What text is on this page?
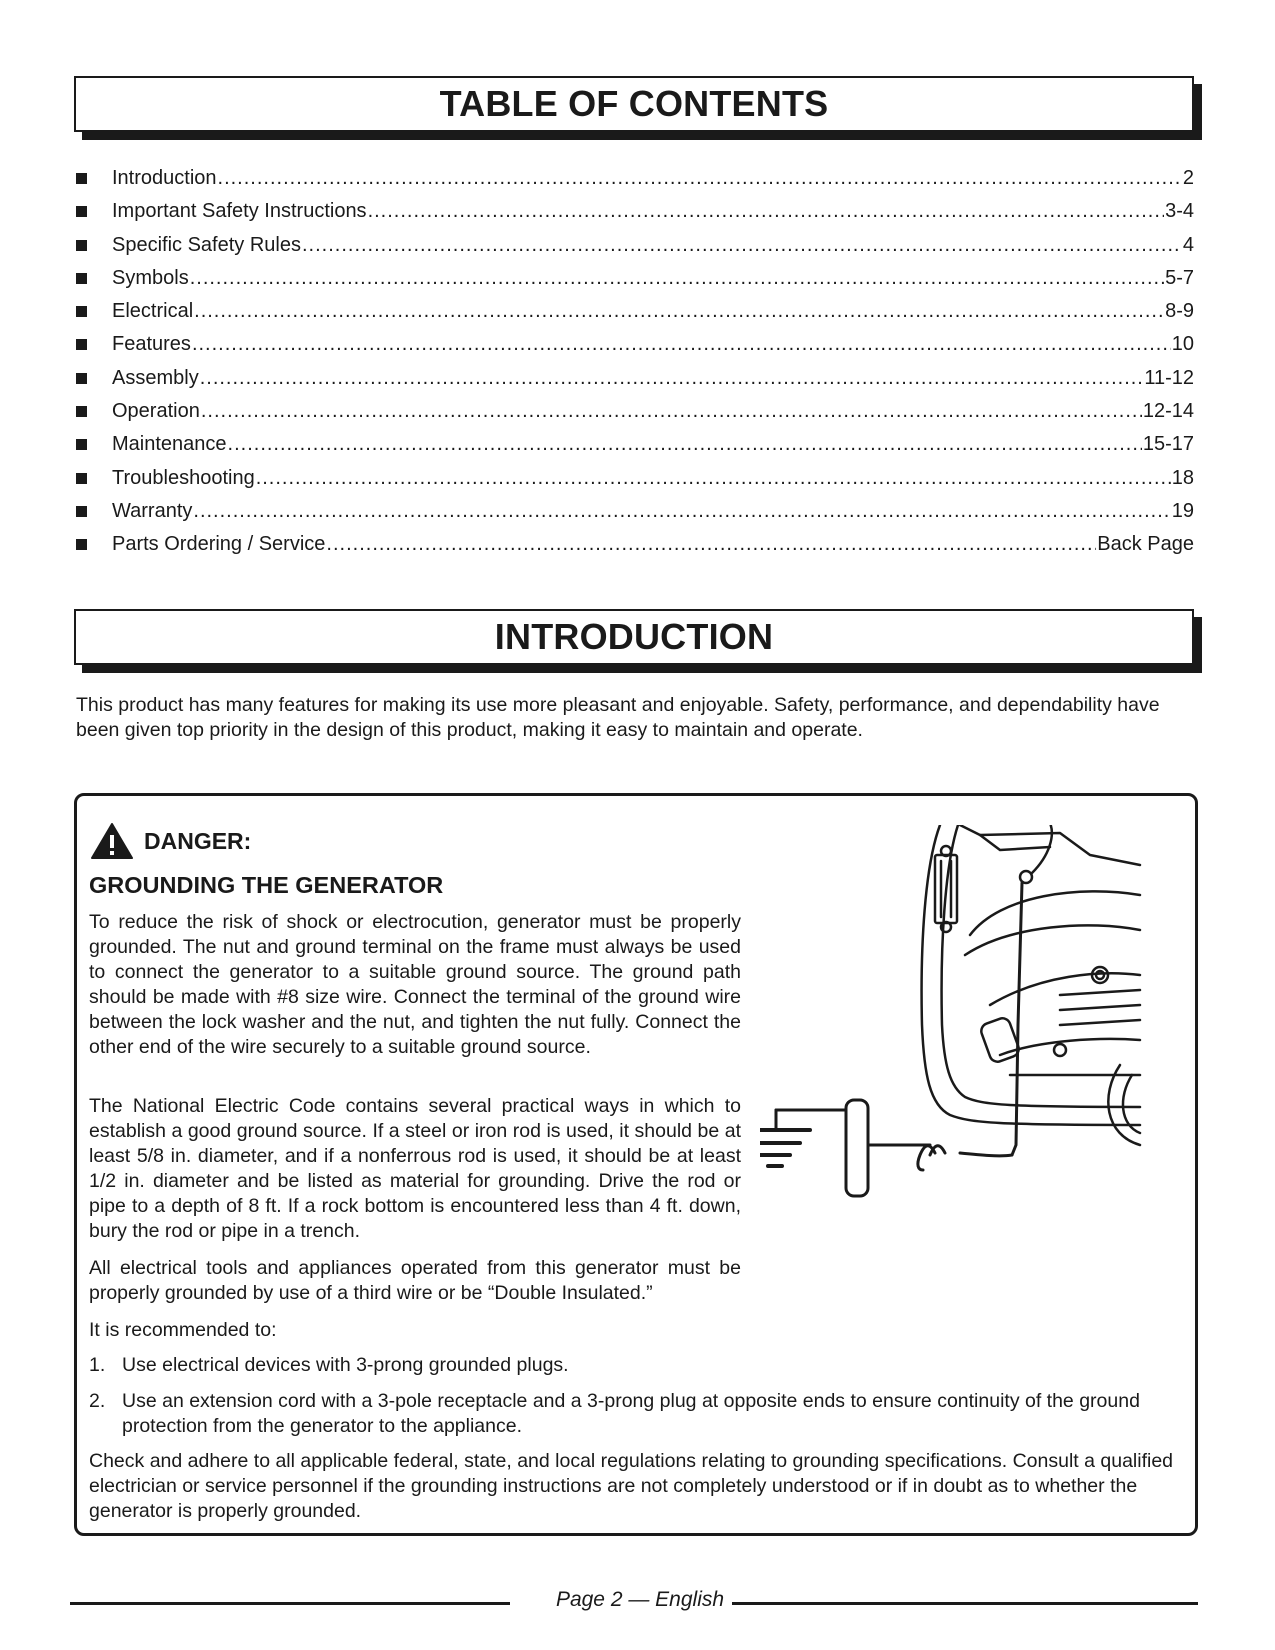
TABLE OF CONTENTS
Introduction .....	2
Important Safety Instructions .....	3-4
Specific Safety Rules .....	4
Symbols .....	5-7
Electrical .....	8-9
Features .....	10
Assembly .....	11-12
Operation .....	12-14
Maintenance .....	15-17
Troubleshooting .....	18
Warranty .....	19
Parts Ordering / Service .....	Back Page
INTRODUCTION

This product has many features for making its use more pleasant and enjoyable. Safety, performance, and dependability have been given top priority in the design of this product, making it easy to maintain and operate.

DANGER:
GROUNDING THE GENERATOR

To reduce the risk of shock or electrocution, generator must be properly grounded. The nut and ground terminal on the frame must always be used to connect the generator to a suitable ground source. The ground path should be made with #8 size wire. Connect the terminal of the ground wire between the lock washer and the nut, and tighten the nut fully. Connect the other end of the wire securely to a suitable ground source.

The National Electric Code contains several practical ways in which to establish a good ground source. If a steel or iron rod is used, it should be at least 5/8 in. diameter, and if a nonferrous rod is used, it should be at least 1/2 in. diameter and be listed as material for grounding. Drive the rod or pipe to a depth of 8 ft. If a rock bottom is encountered less than 4 ft. down, bury the rod or pipe in a trench.

All electrical tools and appliances operated from this generator must be properly grounded by use of a third wire or be “Double Insulated.”

It is recommended to:

1. Use electrical devices with 3-prong grounded plugs.
2. Use an extension cord with a 3-pole receptacle and a 3-prong plug at opposite ends to ensure continuity of the ground protection from the generator to the appliance.

Check and adhere to all applicable federal, state, and local regulations relating to grounding specifications. Consult a qualified electrician or service personnel if the grounding instructions are not completely understood or if in doubt as to whether the generator is properly grounded.

Page 2 — English
